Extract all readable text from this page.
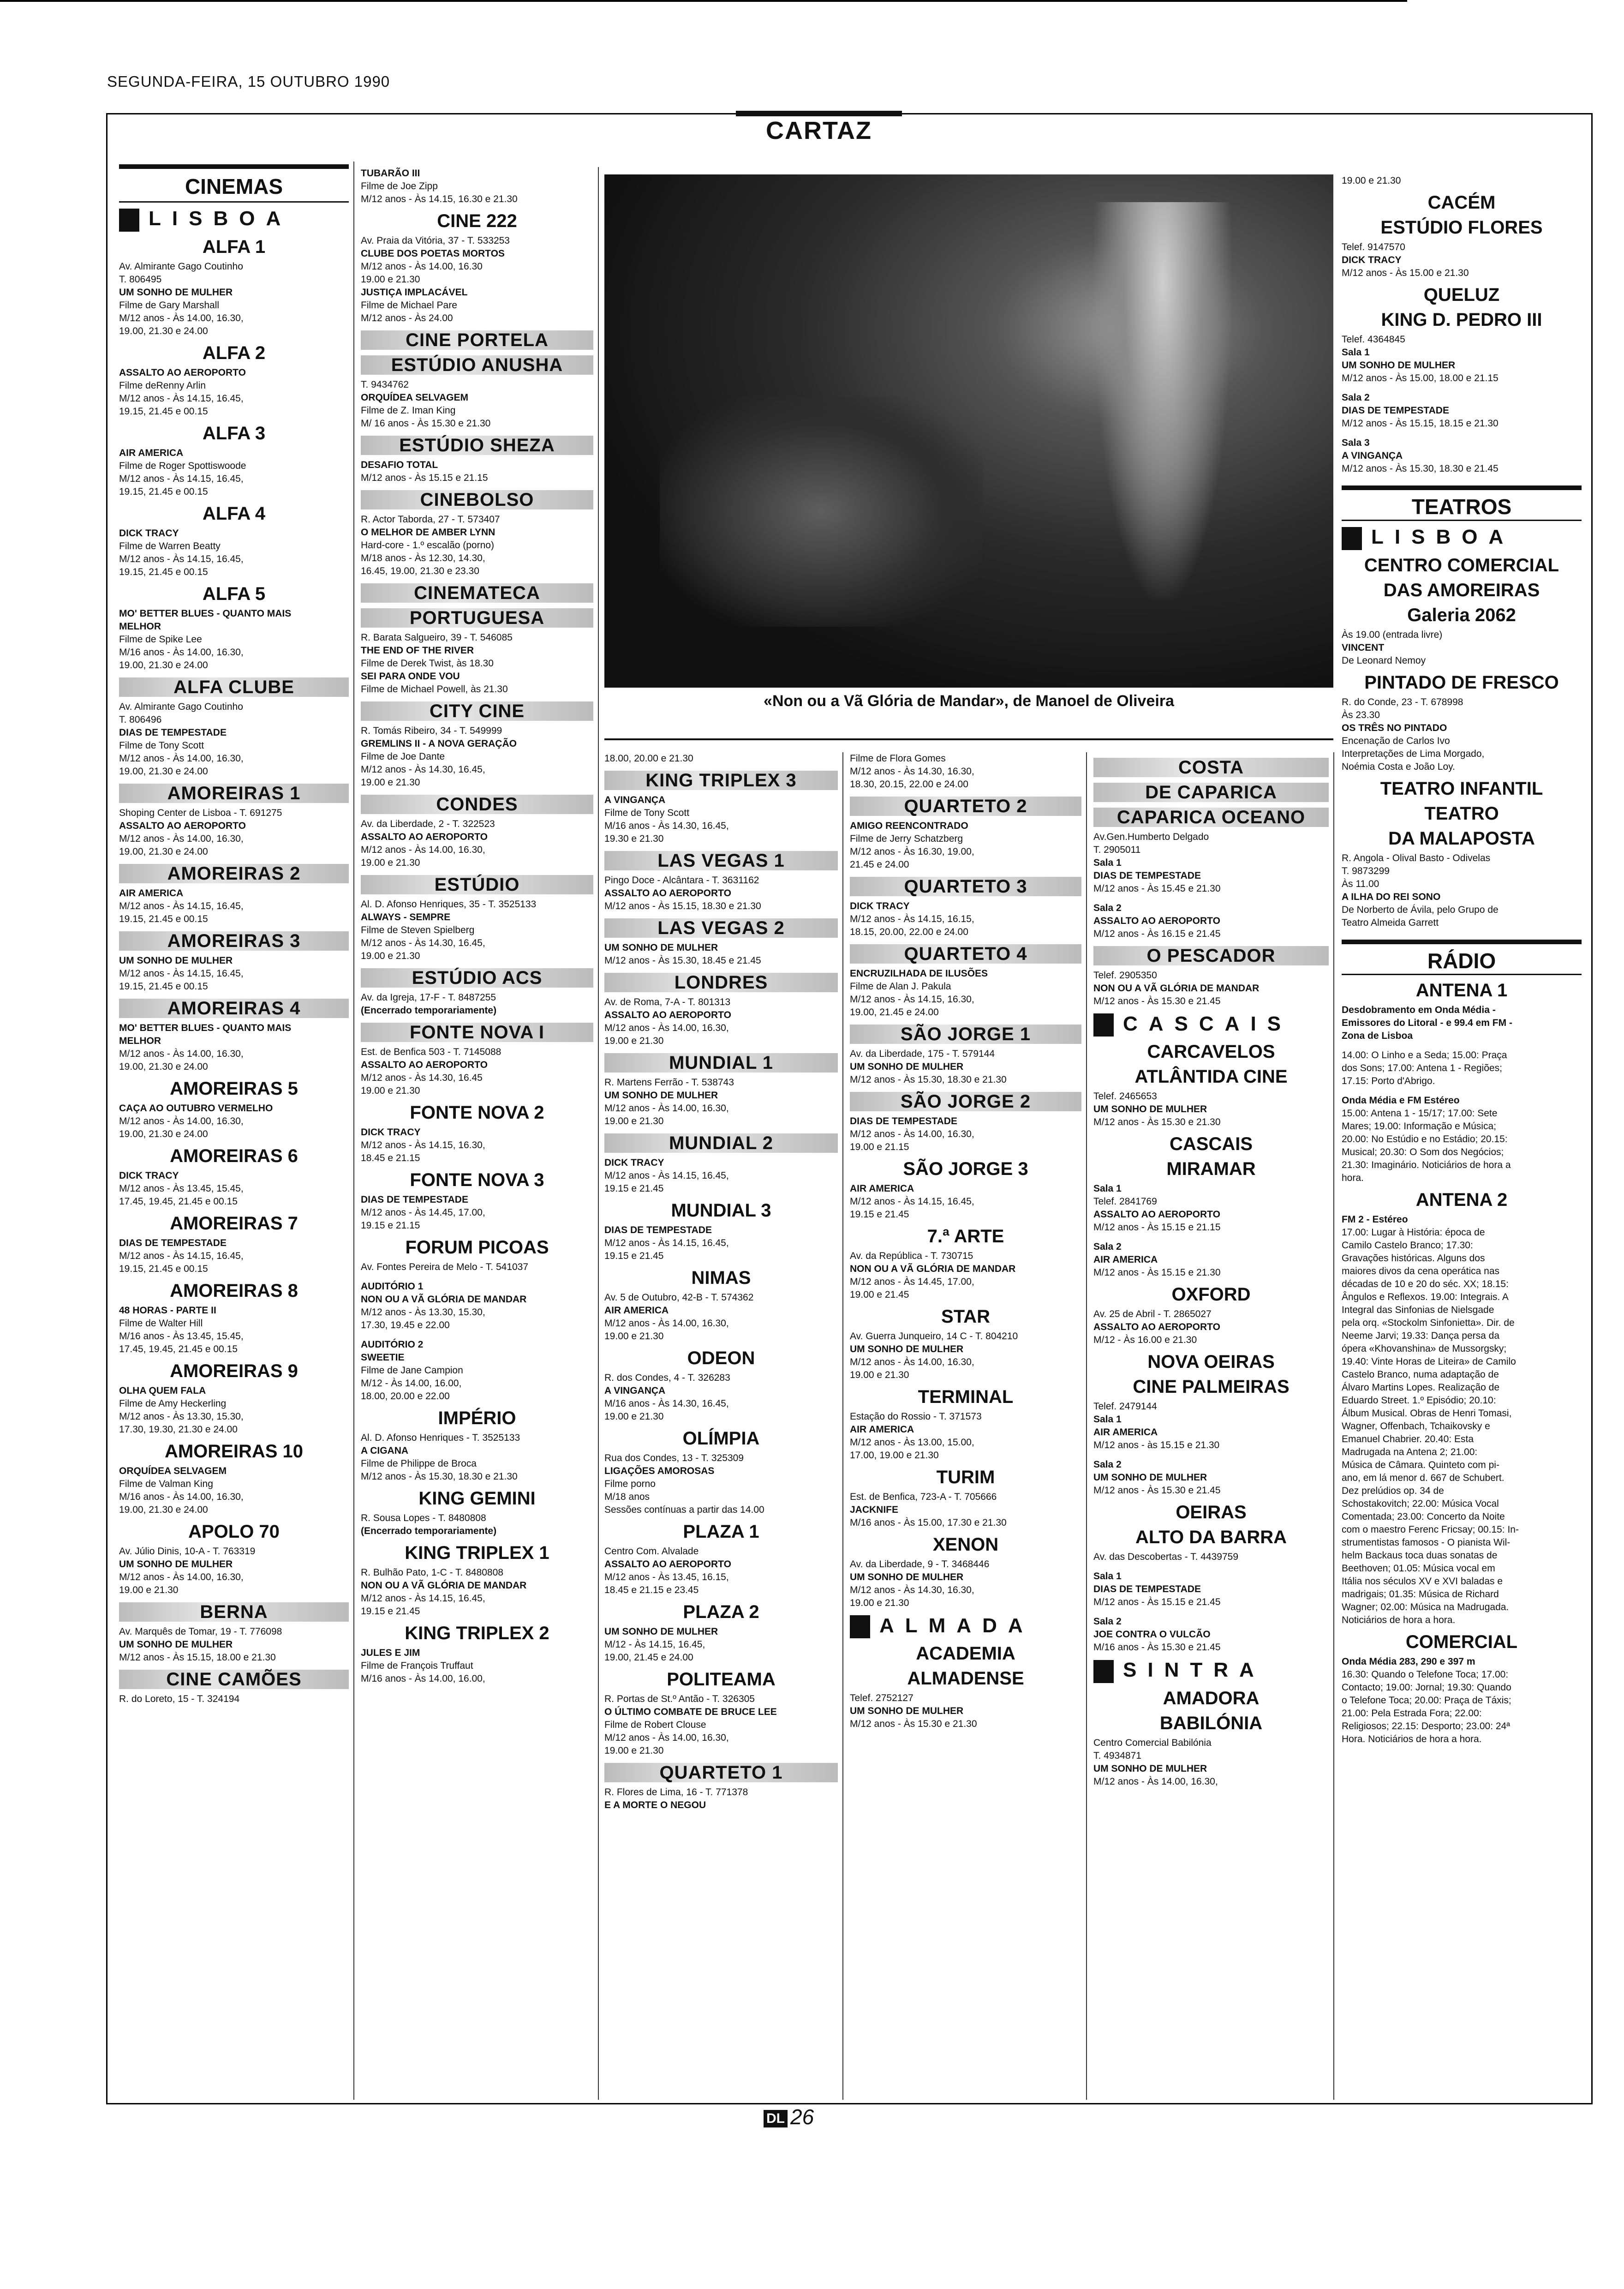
SEGUNDA-FEIRA, 15 OUTUBRO 1990
CARTAZ
CINEMAS
LISBOA
ALFA 1
Av. Almirante Gago Coutinho
T. 806495
UM SONHO DE MULHER
Filme de Gary Marshall
M/12 anos - Às 14.00, 16.30,
19.00, 21.30 e 24.00
ALFA 2
ASSALTO AO AEROPORTO
Filme deRenny Arlin
M/12 anos - Às 14.15, 16.45,
19.15, 21.45 e 00.15
ALFA 3
AIR AMERICA
Filme de Roger Spottiswoode
M/12 anos - Às 14.15, 16.45,
19.15, 21.45 e 00.15
ALFA 4
DICK TRACY
Filme de Warren Beatty
M/12 anos - Às 14.15, 16.45,
19.15, 21.45 e 00.15
ALFA 5
MO' BETTER BLUES - QUANTO MAIS
MELHOR
Filme de Spike Lee
M/16 anos - Às 14.00, 16.30,
19.00, 21.30 e 24.00
ALFA CLUBE
Av. Almirante Gago Coutinho
T. 806496
DIAS DE TEMPESTADE
Filme de Tony Scott
M/12 anos - Às 14.00, 16.30,
19.00, 21.30 e 24.00
AMOREIRAS 1
Shoping Center de Lisboa - T. 691275
ASSALTO AO AEROPORTO
M/12 anos - Às 14.00, 16.30,
19.00, 21.30 e 24.00
AMOREIRAS 2
AIR AMERICA
M/12 anos - Às 14.15, 16.45,
19.15, 21.45 e 00.15
AMOREIRAS 3
UM SONHO DE MULHER
M/12 anos - Às 14.15, 16.45,
19.15, 21.45 e 00.15
AMOREIRAS 4
MO' BETTER BLUES - QUANTO MAIS
MELHOR
M/12 anos - Às 14.00, 16.30,
19.00, 21.30 e 24.00
AMOREIRAS 5
CAÇA AO OUTUBRO VERMELHO
M/12 anos - Às 14.00, 16.30,
19.00, 21.30 e 24.00
AMOREIRAS 6
DICK TRACY
M/12 anos - Às 13.45, 15.45,
17.45, 19.45, 21.45 e 00.15
AMOREIRAS 7
DIAS DE TEMPESTADE
M/12 anos - Às 14.15, 16.45,
19.15, 21.45 e 00.15
AMOREIRAS 8
48 HORAS - PARTE II
Filme de Walter Hill
M/16 anos - Às 13.45, 15.45,
17.45, 19.45, 21.45 e 00.15
AMOREIRAS 9
OLHA QUEM FALA
Filme de Amy Heckerling
M/12 anos - Às 13.30, 15.30,
17.30, 19.30, 21.30 e 24.00
AMOREIRAS 10
ORQUÍDEA SELVAGEM
Filme de Valman King
M/16 anos - Às 14.00, 16.30,
19.00, 21.30 e 24.00
APOLO 70
Av. Júlio Dinis, 10-A - T. 763319
UM SONHO DE MULHER
M/12 anos - Às 14.00, 16.30,
19.00 e 21.30
BERNA
Av. Marquês de Tomar, 19 - T. 776098
UM SONHO DE MULHER
M/12 anos - Às 15.15, 18.00 e 21.30
CINE CAMÕES
R. do Loreto, 15 - T. 324194
TUBARÃO III
Filme de Joe Zipp
M/12 anos - Às 14.15, 16.30 e 21.30
CINE 222
Av. Praia da Vitória, 37 - T. 533253
CLUBE DOS POETAS MORTOS
M/12 anos - Às 14.00, 16.30
19.00 e 21.30
JUSTIÇA IMPLACÁVEL
Filme de Michael Pare
M/12 anos - Às 24.00
CINE PORTELA
ESTÚDIO ANUSHA
T. 9434762
ORQUÍDEA SELVAGEM
Filme de Z. Iman King
M/ 16 anos - Às 15.30 e 21.30
ESTÚDIO SHEZA
DESAFIO TOTAL
M/12 anos - Às 15.15 e 21.15
CINEBOLSO
R. Actor Taborda, 27 - T. 573407
O MELHOR DE AMBER LYNN
Hard-core - 1.º escalão (porno)
M/18 anos - Às 12.30, 14.30,
16.45, 19.00, 21.30 e 23.30
CINEMATECA
PORTUGUESA
R. Barata Salgueiro, 39 - T. 546085
THE END OF THE RIVER
Filme de Derek Twist, às 18.30
SEI PARA ONDE VOU
Filme de Michael Powell, às 21.30
CITY CINE
R. Tomás Ribeiro, 34 - T. 549999
GREMLINS II - A NOVA GERAÇÃO
Filme de Joe Dante
M/12 anos - Às 14.30, 16.45,
19.00 e 21.30
CONDES
Av. da Liberdade, 2 - T. 322523
ASSALTO AO AEROPORTO
M/12 anos - Às 14.00, 16.30,
19.00 e 21.30
ESTÚDIO
Al. D. Afonso Henriques, 35 - T. 3525133
ALWAYS - SEMPRE
Filme de Steven Spielberg
M/12 anos - Às 14.30, 16.45,
19.00 e 21.30
ESTÚDIO ACS
Av. da Igreja, 17-F - T. 8487255
(Encerrado temporariamente)
FONTE NOVA I
Est. de Benfica 503 - T. 7145088
ASSALTO AO AEROPORTO
M/12 anos - Às 14.30, 16.45
19.00 e 21.30
FONTE NOVA 2
DICK TRACY
M/12 anos - Às 14.15, 16.30,
18.45 e 21.15
FONTE NOVA 3
DIAS DE TEMPESTADE
M/12 anos - Às 14.45, 17.00,
19.15 e 21.15
FORUM PICOAS
Av. Fontes Pereira de Melo - T. 541037
AUDITÓRIO 1
NON OU A VÃ GLÓRIA DE MANDAR
M/12 anos - Às 13.30, 15.30,
17.30, 19.45 e 22.00
AUDITÓRIO 2
SWEETIE
Filme de Jane Campion
M/12 - Às 14.00, 16.00,
18.00, 20.00 e 22.00
IMPÉRIO
Al. D. Afonso Henriques - T. 3525133
A CIGANA
Filme de Philippe de Broca
M/12 anos - Às 15.30, 18.30 e 21.30
KING GEMINI
R. Sousa Lopes - T. 8480808
(Encerrado temporariamente)
KING TRIPLEX 1
R. Bulhão Pato, 1-C - T. 8480808
NON OU A VÃ GLÓRIA DE MANDAR
M/12 anos - Às 14.15, 16.45,
19.15 e 21.45
KING TRIPLEX 2
JULES E JIM
Filme de François Truffaut
M/16 anos - Às 14.00, 16.00,
«Non ou a Vã Glória de Mandar», de Manoel de Oliveira
18.00, 20.00 e 21.30
KING TRIPLEX 3
A VINGANÇA
Filme de Tony Scott
M/16 anos - Às 14.30, 16.45,
19.30 e 21.30
LAS VEGAS 1
Pingo Doce - Alcântara - T. 3631162
ASSALTO AO AEROPORTO
M/12 anos - Às 15.15, 18.30 e 21.30
LAS VEGAS 2
UM SONHO DE MULHER
M/12 anos - Às 15.30, 18.45 e 21.45
LONDRES
Av. de Roma, 7-A - T. 801313
ASSALTO AO AEROPORTO
M/12 anos - Às 14.00, 16.30,
19.00 e 21.30
MUNDIAL 1
R. Martens Ferrão - T. 538743
UM SONHO DE MULHER
M/12 anos - Às 14.00, 16.30,
19.00 e 21.30
MUNDIAL 2
DICK TRACY
M/12 anos - Às 14.15, 16.45,
19.15 e 21.45
MUNDIAL 3
DIAS DE TEMPESTADE
M/12 anos - Às 14.15, 16.45,
19.15 e 21.45
NIMAS
Av. 5 de Outubro, 42-B - T. 574362
AIR AMERICA
M/12 anos - Às 14.00, 16.30,
19.00 e 21.30
ODEON
R. dos Condes, 4 - T. 326283
A VINGANÇA
M/16 anos - Às 14.30, 16.45,
19.00 e 21.30
OLÍMPIA
Rua dos Condes, 13 - T. 325309
LIGAÇÕES AMOROSAS
Filme porno
M/18 anos
Sessões contínuas a partir das 14.00
PLAZA 1
Centro Com. Alvalade
ASSALTO AO AEROPORTO
M/12 anos - Às 13.45, 16.15,
18.45 e 21.15 e 23.45
PLAZA 2
UM SONHO DE MULHER
M/12 - Às 14.15, 16.45,
19.00, 21.45 e 24.00
POLITEAMA
R. Portas de St.º Antão - T. 326305
O ÚLTIMO COMBATE DE BRUCE LEE
Filme de Robert Clouse
M/12 anos - Às 14.00, 16.30,
19.00 e 21.30
QUARTETO 1
R. Flores de Lima, 16 - T. 771378
E A MORTE O NEGOU
Filme de Flora Gomes
M/12 anos - Às 14.30, 16.30,
18.30, 20.15, 22.00 e 24.00
QUARTETO 2
AMIGO REENCONTRADO
Filme de Jerry Schatzberg
M/12 anos - Às 16.30, 19.00,
21.45 e 24.00
QUARTETO 3
DICK TRACY
M/12 anos - Às 14.15, 16.15,
18.15, 20.00, 22.00 e 24.00
QUARTETO 4
ENCRUZILHADA DE ILUSÕES
Filme de Alan J. Pakula
M/12 anos - Às 14.15, 16.30,
19.00, 21.45 e 24.00
SÃO JORGE 1
Av. da Liberdade, 175 - T. 579144
UM SONHO DE MULHER
M/12 anos - Às 15.30, 18.30 e 21.30
SÃO JORGE 2
DIAS DE TEMPESTADE
M/12 anos - Às 14.00, 16.30,
19.00 e 21.15
SÃO JORGE 3
AIR AMERICA
M/12 anos - Às 14.15, 16.45,
19.15 e 21.45
7.ª ARTE
Av. da República - T. 730715
NON OU A VÃ GLÓRIA DE MANDAR
M/12 anos - Às 14.45, 17.00,
19.00 e 21.45
STAR
Av. Guerra Junqueiro, 14 C - T. 804210
UM SONHO DE MULHER
M/12 anos - Às 14.00, 16.30,
19.00 e 21.30
TERMINAL
Estação do Rossio - T. 371573
AIR AMERICA
M/12 anos - Às 13.00, 15.00,
17.00, 19.00 e 21.30
TURIM
Est. de Benfica, 723-A - T. 705666
JACKNIFE
M/16 anos - Às 15.00, 17.30 e 21.30
XENON
Av. da Liberdade, 9 - T. 3468446
UM SONHO DE MULHER
M/12 anos - Às 14.30, 16.30,
19.00 e 21.30
ALMADA
ACADEMIA
ALMADENSE
Telef. 2752127
UM SONHO DE MULHER
M/12 anos - Às 15.30 e 21.30
COSTA
DE CAPARICA
CAPARICA OCEANO
Av.Gen.Humberto Delgado
T. 2905011
Sala 1
DIAS DE TEMPESTADE
M/12 anos - Às 15.45 e 21.30
Sala 2
ASSALTO AO AEROPORTO
M/12 anos - Às 16.15 e 21.45
O PESCADOR
Telef. 2905350
NON OU A VÃ GLÓRIA DE MANDAR
M/12 anos - Às 15.30 e 21.45
CASCAIS
CARCAVELOS
ATLÂNTIDA CINE
Telef. 2465653
UM SONHO DE MULHER
M/12 anos - Às 15.30 e 21.30
CASCAIS
MIRAMAR
Sala 1
Telef. 2841769
ASSALTO AO AEROPORTO
M/12 anos - Às 15.15 e 21.15
Sala 2
AIR AMERICA
M/12 anos - Às 15.15 e 21.30
OXFORD
Av. 25 de Abril - T. 2865027
ASSALTO AO AEROPORTO
M/12 - Às 16.00 e 21.30
NOVA OEIRAS
CINE PALMEIRAS
Telef. 2479144
Sala 1
AIR AMERICA
M/12 anos - às 15.15 e 21.30
Sala 2
UM SONHO DE MULHER
M/12 anos - Às 15.30 e 21.45
OEIRAS
ALTO DA BARRA
Av. das Descobertas - T. 4439759
Sala 1
DIAS DE TEMPESTADE
M/12 anos - Às 15.15 e 21.45
Sala 2
JOE CONTRA O VULCÃO
M/16 anos - Às 15.30 e 21.45
SINTRA
AMADORA
BABILÓNIA
Centro Comercial Babilónia
T. 4934871
UM SONHO DE MULHER
M/12 anos - Às 14.00, 16.30,
19.00 e 21.30
CACÉM
ESTÚDIO FLORES
Telef. 9147570
DICK TRACY
M/12 anos - Às 15.00 e 21.30
QUELUZ
KING D. PEDRO III
Telef. 4364845
Sala 1
UM SONHO DE MULHER
M/12 anos - Às 15.00, 18.00 e 21.15
Sala 2
DIAS DE TEMPESTADE
M/12 anos - Às 15.15, 18.15 e 21.30
Sala 3
A VINGANÇA
M/12 anos - Às 15.30, 18.30 e 21.45
TEATROS
LISBOA
CENTRO COMERCIAL
DAS AMOREIRAS
Galeria 2062
Às 19.00 (entrada livre)
VINCENT
De Leonard Nemoy
PINTADO DE FRESCO
R. do Conde, 23 - T. 678998
Às 23.30
OS TRÊS NO PINTADO
Encenação de Carlos Ivo
Interpretações de Lima Morgado,
Noémia Costa e João Loy.
TEATRO INFANTIL
TEATRO
DA MALAPOSTA
R. Angola - Olival Basto - Odivelas
T. 9873299
Às 11.00
A ILHA DO REI SONO
De Norberto de Ávila, pelo Grupo de
Teatro Almeida Garrett
RÁDIO
ANTENA 1
Desdobramento em Onda Média -
Emissores do Litoral - e 99.4 em FM -
Zona de Lisboa
14.00: O Linho e a Seda; 15.00: Praça
dos Sons; 17.00: Antena 1 - Regiões;
17.15: Porto d'Abrigo.
Onda Média e FM Estéreo
15.00: Antena 1 - 15/17; 17.00: Sete
Mares; 19.00: Informação e Música;
20.00: No Estúdio e no Estádio; 20.15:
Musical; 20.30: O Som dos Negócios;
21.30: Imaginário. Noticiários de hora a
hora.
ANTENA 2
FM 2 - Estéreo
17.00: Lugar à História: época de
Camilo Castelo Branco; 17.30:
Gravações históricas. Alguns dos
maiores divos da cena operática nas
décadas de 10 e 20 do séc. XX; 18.15:
Ângulos e Reflexos. 19.00: Integrais. A
Integral das Sinfonias de Nielsgade
pela orq. «Stockolm Sinfonietta». Dir. de
Neeme Jarvi; 19.33: Dança persa da
ópera «Khovanshina» de Mussorgsky;
19.40: Vinte Horas de Liteira» de Camilo
Castelo Branco, numa adaptação de
Álvaro Martins Lopes. Realização de
Eduardo Street. 1.º Episódio; 20.10:
Álbum Musical. Obras de Henri Tomasi,
Wagner, Offenbach, Tchaikovsky e
Emanuel Chabrier. 20.40: Esta
Madrugada na Antena 2; 21.00:
Música de Câmara. Quinteto com pi-
ano, em lá menor d. 667 de Schubert.
Dez prelúdios op. 34 de
Schostakovitch; 22.00: Música Vocal
Comentada; 23.00: Concerto da Noite
com o maestro Ferenc Fricsay; 00.15: In-
strumentistas famosos - O pianista Wil-
helm Backaus toca duas sonatas de
Beethoven; 01.05: Música vocal em
Itália nos séculos XV e XVI baladas e
madrigais; 01.35: Música de Richard
Wagner; 02.00: Música na Madrugada.
Noticiários de hora a hora.
COMERCIAL
Onda Média 283, 290 e 397 m
16.30: Quando o Telefone Toca; 17.00:
Contacto; 19.00: Jornal; 19.30: Quando
o Telefone Toca; 20.00: Praça de Táxis;
21.00: Pela Estrada Fora; 22.00:
Religiosos; 22.15: Desporto; 23.00: 24ª
Hora. Noticiários de hora a hora.
DL 26
